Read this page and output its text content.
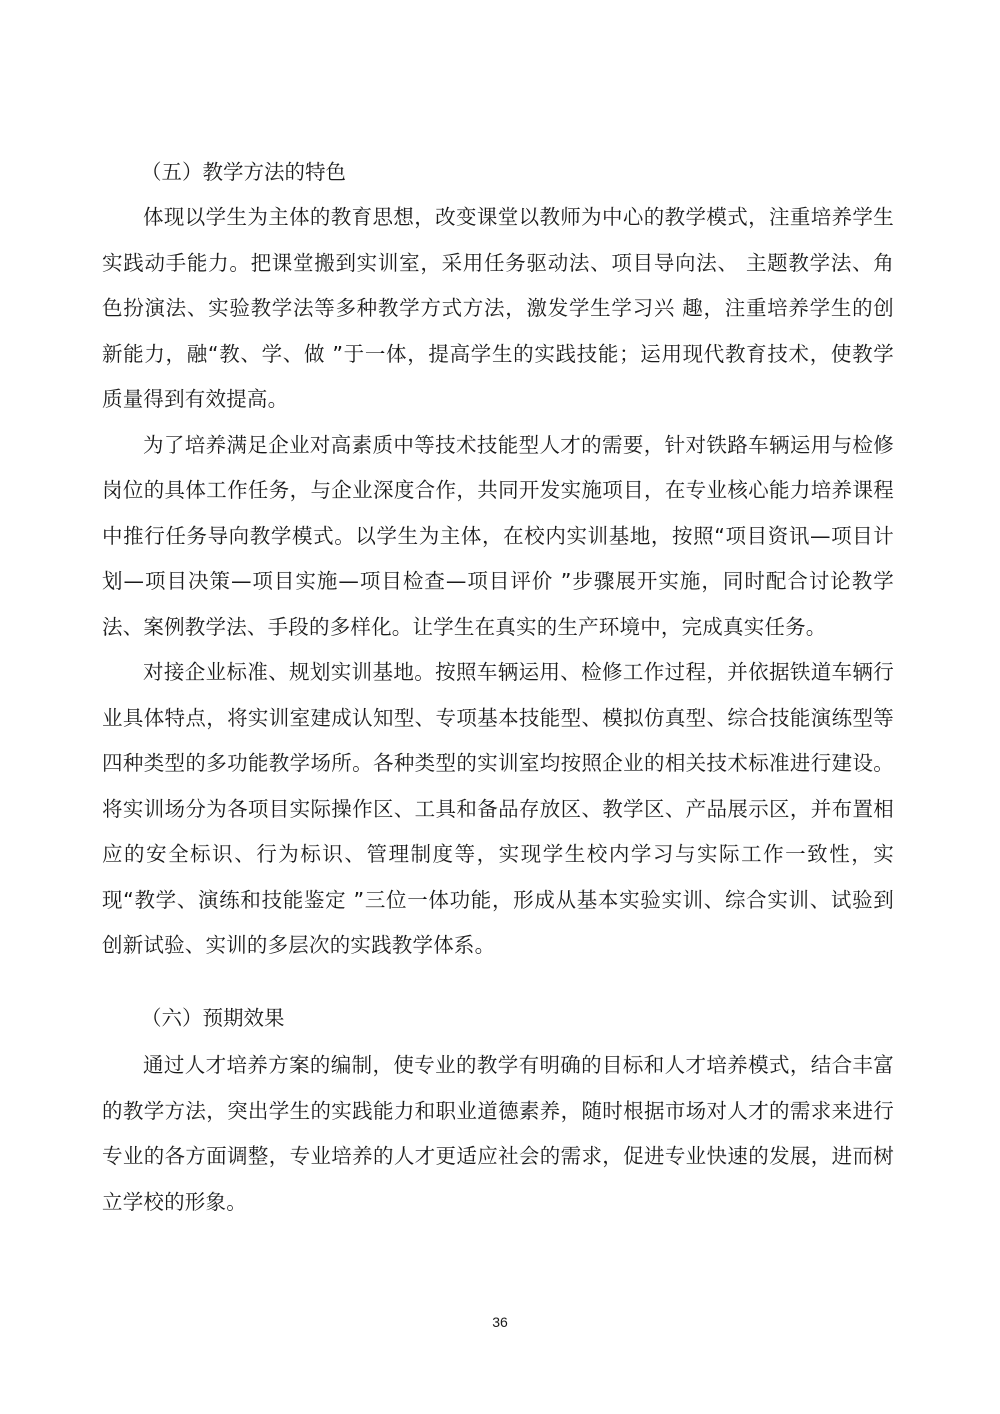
（五）教学方法的特色

体现以学生为主体的教育思想，改变课堂以教师为中心的教学模式，注重培养学生实践动手能力。把课堂搬到实训室，采用任务驱动法、项目导向法、 主题教学法、角色扮演法、实验教学法等多种教学方式方法，激发学生学习兴 趣，注重培养学生的创新能力，融“教、学、做 ”于一体，提高学生的实践技能；运用现代教育技术，使教学质量得到有效提高。

为了培养满足企业对高素质中等技术技能型人才的需要，针对铁路车辆运用与检修岗位的具体工作任务，与企业深度合作，共同开发实施项目，在专业核心能力培养课程中推行任务导向教学模式。以学生为主体，在校内实训基地，按照“项目资讯—项目计划—项目决策—项目实施—项目检查—项目评价 ”步骤展开实施，同时配合讨论教学法、案例教学法、手段的多样化。让学生在真实的生产环境中，完成真实任务。

对接企业标准、规划实训基地。按照车辆运用、检修工作过程，并依据铁道车辆行业具体特点，将实训室建成认知型、专项基本技能型、模拟仿真型、综合技能演练型等四种类型的多功能教学场所。各种类型的实训室均按照企业的相关技术标准进行建设。将实训场分为各项目实际操作区、工具和备品存放区、教学区、产品展示区，并布置相应的安全标识、行为标识、管理制度等，实现学生校内学习与实际工作一致性，实现“教学、演练和技能鉴定 ”三位一体功能，形成从基本实验实训、综合实训、试验到创新试验、实训的多层次的实践教学体系。

（六）预期效果

通过人才培养方案的编制，使专业的教学有明确的目标和人才培养模式，结合丰富的教学方法，突出学生的实践能力和职业道德素养，随时根据市场对人才的需求来进行专业的各方面调整，专业培养的人才更适应社会的需求，促进专业快速的发展，进而树立学校的形象。

36
